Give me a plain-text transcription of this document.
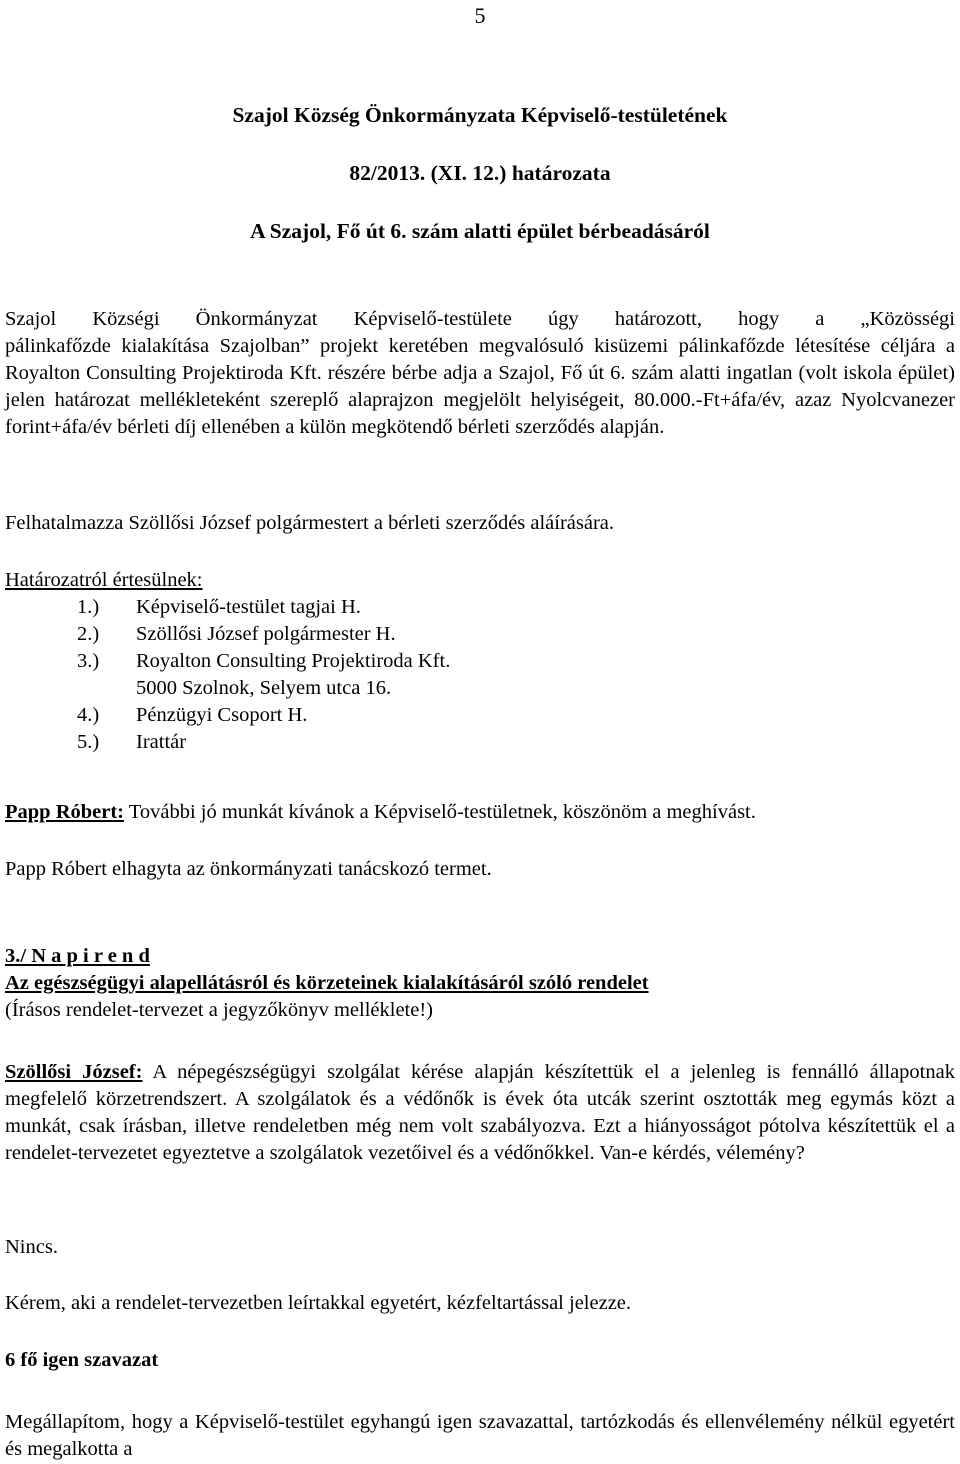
5
Szajol Község Önkormányzata Képviselő-testületének
82/2013. (XI. 12.) határozata
A Szajol, Fő út 6. szám alatti épület bérbeadásáról
Szajol Községi Önkormányzat Képviselő-testülete úgy határozott, hogy a „Közösségi
pálinkafőzde kialakítása Szajolban” projekt keretében megvalósuló kisüzemi pálinkafőzde létesítése céljára a Royalton Consulting Projektiroda Kft. részére bérbe adja a Szajol, Fő út 6. szám alatti ingatlan (volt iskola épület) jelen határozat mellékleteként szereplő alaprajzon megjelölt helyiségeit, 80.000.-Ft+áfa/év, azaz Nyolcvanezer forint+áfa/év bérleti díj ellenében a külön megkötendő bérleti szerződés alapján.
Felhatalmazza Szöllősi József polgármestert a bérleti szerződés aláírására.
Határozatról értesülnek:
1.) Képviselő-testület tagjai H.
2.) Szöllősi József polgármester H.
3.) Royalton Consulting Projektiroda Kft.
5000 Szolnok, Selyem utca 16.
4.) Pénzügyi Csoport H.
5.) Irattár
Papp Róbert: További jó munkát kívánok a Képviselő-testületnek, köszönöm a meghívást.
Papp Róbert elhagyta az önkormányzati tanácskozó termet.
3./ N a p i r e n d
Az egészségügyi alapellátásról és körzeteinek kialakításáról szóló rendelet
(Írásos rendelet-tervezet a jegyzőkönyv melléklete!)
Szöllősi József: A népegészségügyi szolgálat kérése alapján készítettük el a jelenleg is fennálló állapotnak megfelelő körzetrendszert. A szolgálatok és a védőnők is évek óta utcák szerint osztották meg egymás közt a munkát, csak írásban, illetve rendeletben még nem volt szabályozva. Ezt a hiányosságot pótolva készítettük el a rendelet-tervezetet egyeztetve a szolgálatok vezetőivel és a védőnőkkel. Van-e kérdés, vélemény?
Nincs.
Kérem, aki a rendelet-tervezetben leírtakkal egyetért, kézfeltartással jelezze.
6 fő igen szavazat
Megállapítom, hogy a Képviselő-testület egyhangú igen szavazattal, tartózkodás és ellenvélemény nélkül egyetért és megalkotta a
